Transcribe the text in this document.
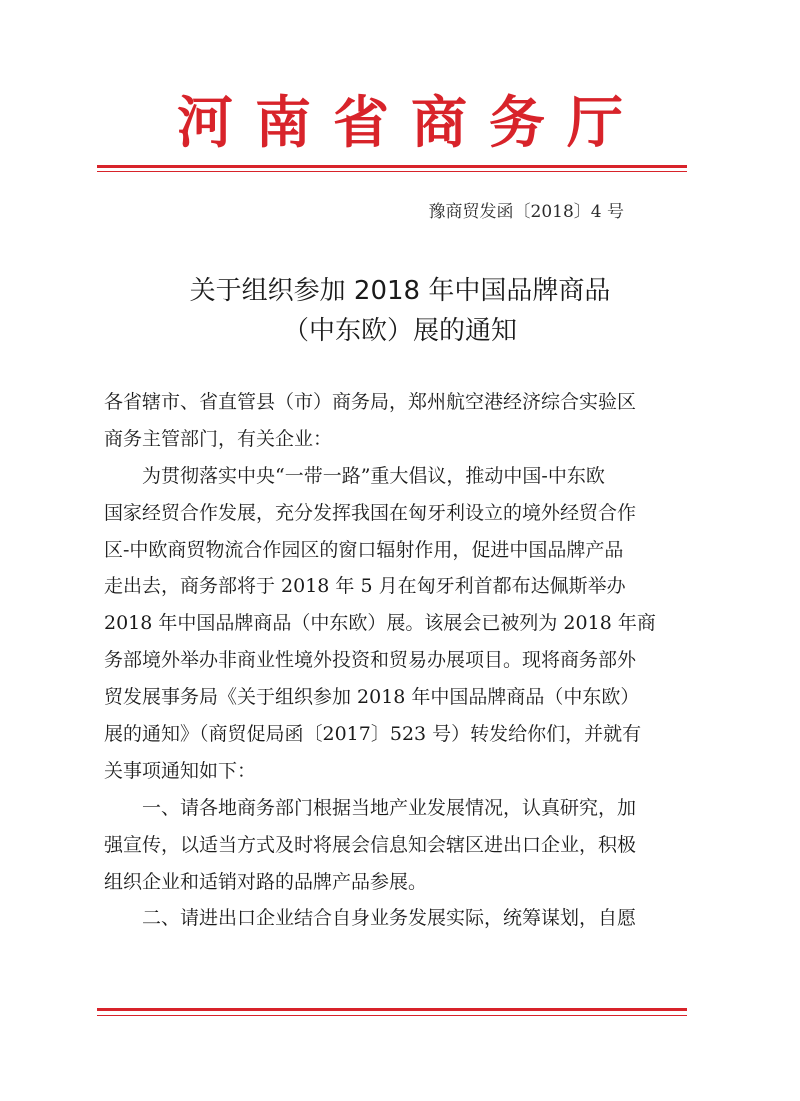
河南省商务厅
豫商贸发函〔2018〕4 号
关于组织参加 2018 年中国品牌商品
（中东欧）展的通知
各省辖市、省直管县（市）商务局，郑州航空港经济综合实验区
商务主管部门，有关企业：
为贯彻落实中央“一带一路”重大倡议，推动中国-中东欧
国家经贸合作发展，充分发挥我国在匈牙利设立的境外经贸合作
区-中欧商贸物流合作园区的窗口辐射作用，促进中国品牌产品
走出去，商务部将于 2018 年 5 月在匈牙利首都布达佩斯举办
2018 年中国品牌商品（中东欧）展。该展会已被列为 2018 年商
务部境外举办非商业性境外投资和贸易办展项目。现将商务部外
贸发展事务局《关于组织参加 2018 年中国品牌商品（中东欧）
展的通知》（商贸促局函〔2017〕523 号）转发给你们，并就有
关事项通知如下：
一、请各地商务部门根据当地产业发展情况，认真研究，加
强宣传，以适当方式及时将展会信息知会辖区进出口企业，积极
组织企业和适销对路的品牌产品参展。
二、请进出口企业结合自身业务发展实际，统筹谋划，自愿
